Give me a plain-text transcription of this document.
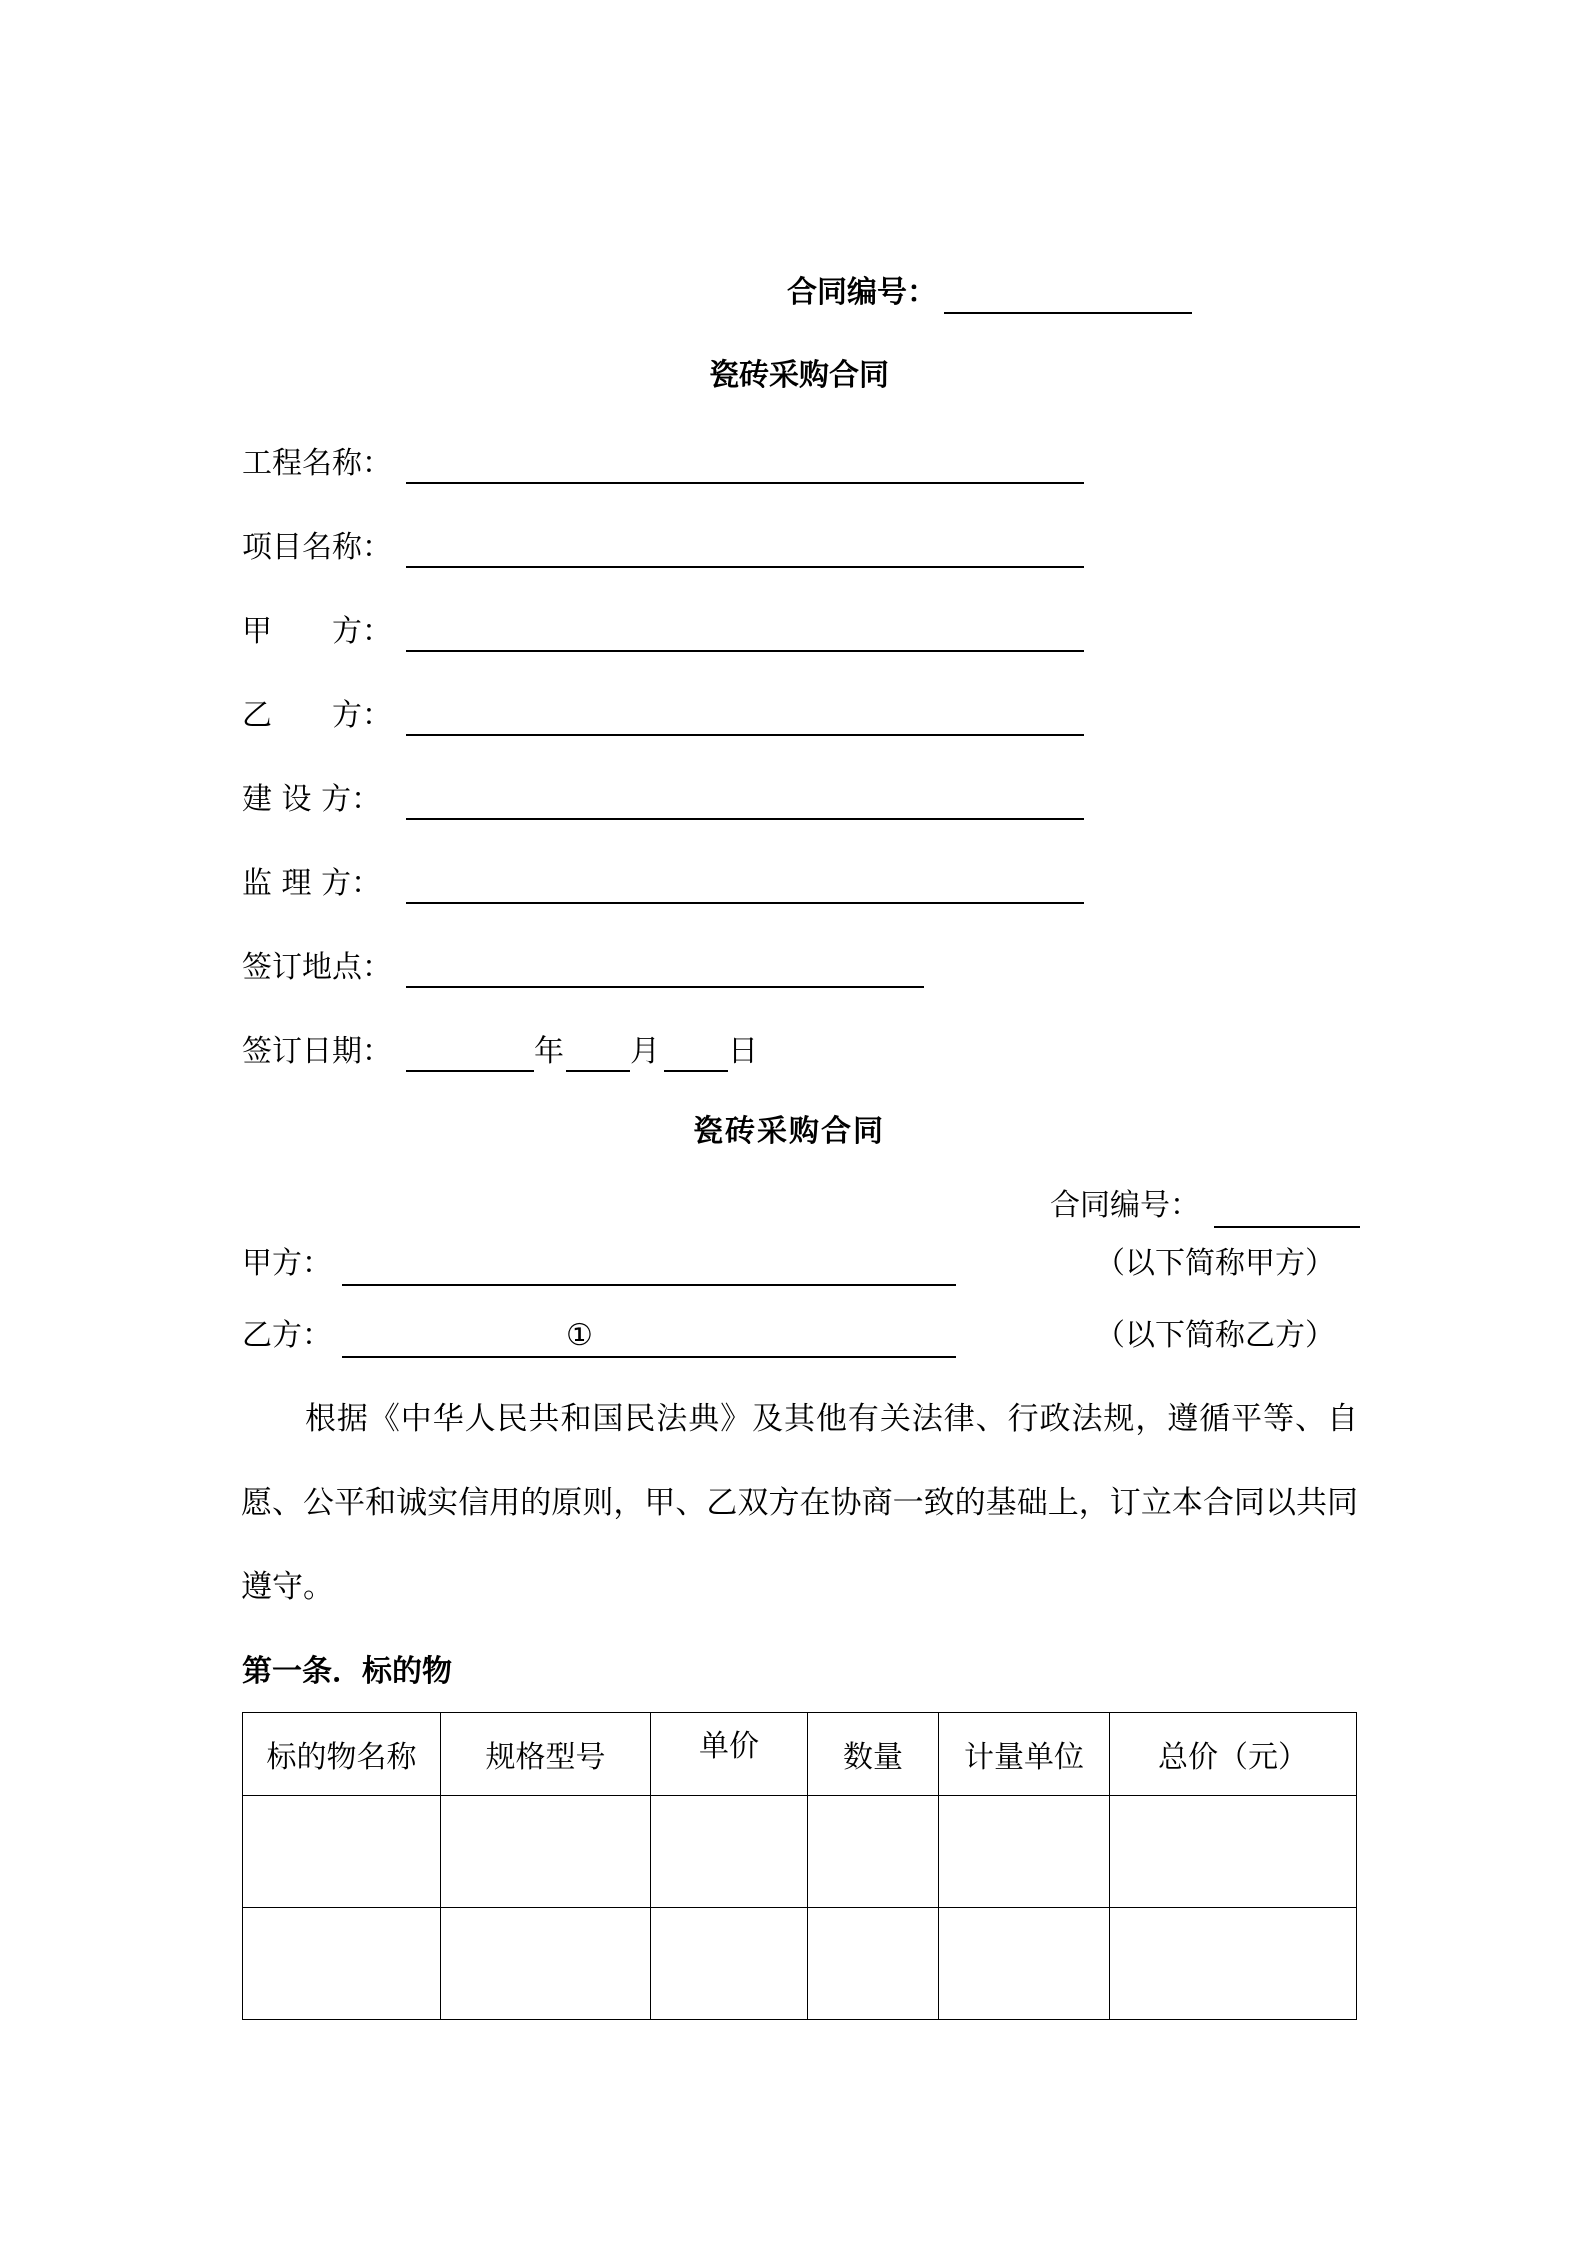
合同编号：
瓷砖采购合同
工程名称：
项目名称：
甲　　方：
乙　　方：
建 设 方：
监 理 方：
签订地点：
签订日期：	年 月 日
瓷砖采购合同
合同编号：
甲方：	（以下简称甲方）
乙方：	①	（以下简称乙方）
根据《中华人民共和国民法典》及其他有关法律、行政法规，遵循平等、自愿、公平和诚实信用的原则，甲、乙双方在协商一致的基础上，订立本合同以共同遵守。
第一条．标的物
标的物名称	规格型号	单价	数量	计量单位	总价（元）
